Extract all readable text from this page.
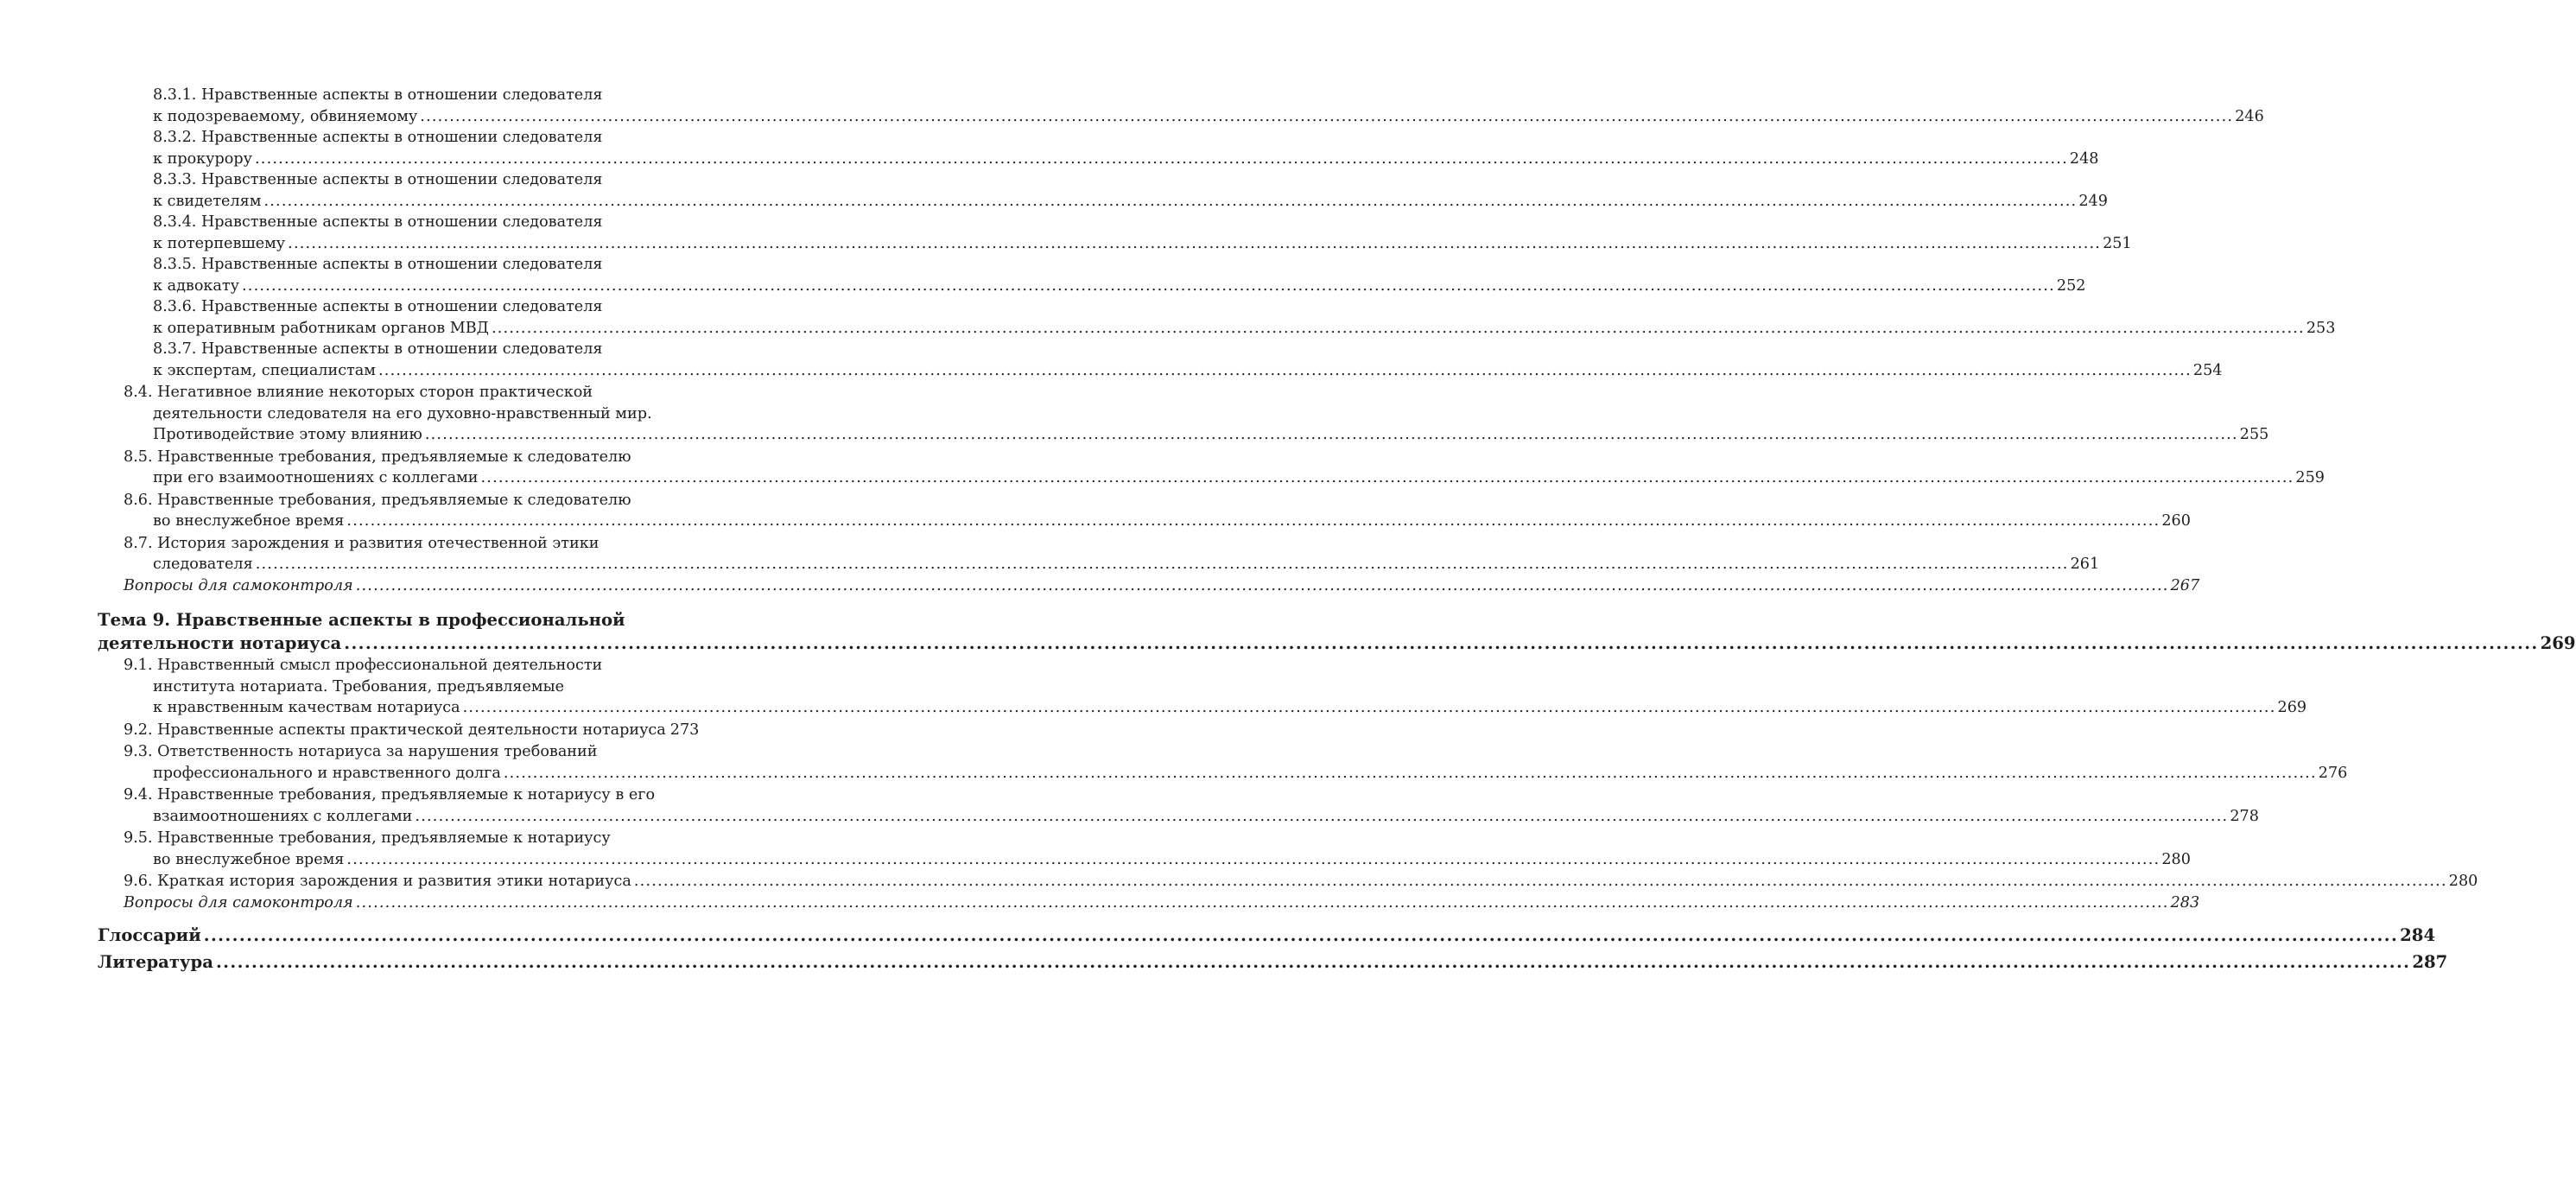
8.3.1. Нравственные аспекты в отношении следователя
к подозреваемому, обвиняемому .....	246
8.3.2. Нравственные аспекты в отношении следователя
к прокурору .....	248
8.3.3. Нравственные аспекты в отношении следователя
к свидетелям .....	249
8.3.4. Нравственные аспекты в отношении следователя
к потерпевшему .....	251
8.3.5. Нравственные аспекты в отношении следователя
к адвокату .....	252
8.3.6. Нравственные аспекты в отношении следователя
к оперативным работникам органов МВД .....	253
8.3.7. Нравственные аспекты в отношении следователя
к экспертам, специалистам .....	254
8.4. Негативное влияние некоторых сторон практической
деятельности следователя на его духовно-нравственный мир.
Противодействие этому влиянию .....	255
8.5. Нравственные требования, предъявляемые к следователю
при его взаимоотношениях с коллегами .....	259
8.6. Нравственные требования, предъявляемые к следователю
во внеслужебное время .....	260
8.7. История зарождения и развития отечественной этики
следователя .....	261
Вопросы для самоконтроля .....	267
Тема 9. Нравственные аспекты в профессиональной
деятельности нотариуса .....	269
9.1. Нравственный смысл профессиональной деятельности
института нотариата. Требования, предъявляемые
к нравственным качествам нотариуса .....	269
9.2. Нравственные аспекты практической деятельности нотариуса 273
9.3. Ответственность нотариуса за нарушения требований
профессионального и нравственного долга .....	276
9.4. Нравственные требования, предъявляемые к нотариусу в его
взаимоотношениях с коллегами .....	278
9.5. Нравственные требования, предъявляемые к нотариусу
во внеслужебное время .....	280
9.6. Краткая история зарождения и развития этики нотариуса .....	280
Вопросы для самоконтроля .....	283
Глоссарий .....	284
Литература .....	287
